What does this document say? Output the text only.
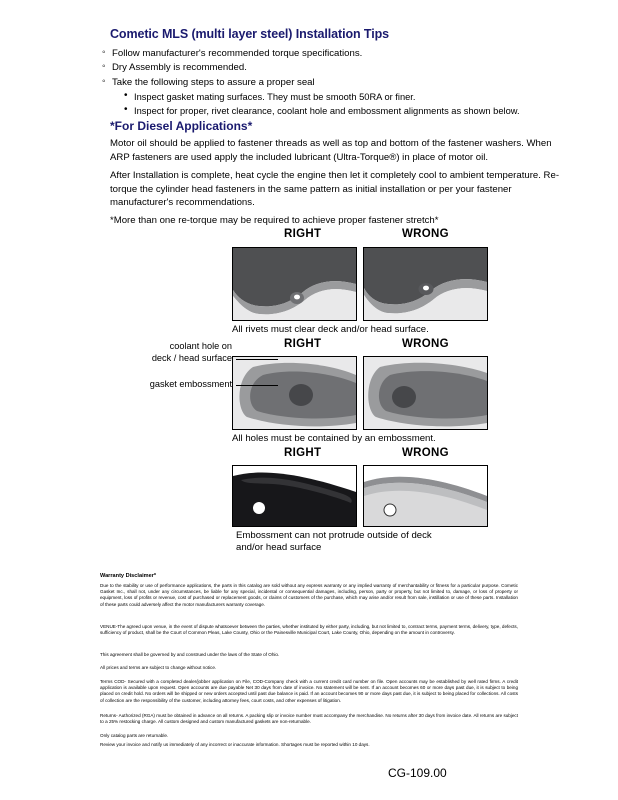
Cometic MLS (multi layer steel) Installation Tips
◦ Follow manufacturer's recommended torque specifications.
◦ Dry Assembly is recommended.
◦ Take the following steps to assure a proper seal
• Inspect gasket mating surfaces. They must be smooth 50RA or finer.
• Inspect for proper, rivet clearance, coolant hole and embossment alignments as shown below.
*For Diesel Applications*
Motor oil should be applied to fastener threads as well as top and bottom of the fastener washers. When ARP fasteners are used apply the included lubricant (Ultra-Torque®) in place of motor oil.
After Installation is complete, heat cycle the engine then let it completely cool to ambient temperature. Re-torque the cylinder head fasteners in the same pattern as initial installation or per your fastener manufacturer's recommendations.
*More than one re-torque may be required to achieve proper fastener stretch*
RIGHT	WRONG
All rivets must clear deck and/or head surface.
RIGHT	WRONG
coolant hole on
deck / head surface
gasket embossment
All holes must be contained by an embossment.
RIGHT	WRONG
Embossment can not protrude outside of deck
and/or head surface
Warranty Disclaimer*
Due to the stability or use of performance applications, the parts in this catalog are sold without any express warranty or any implied warranty of merchantability or fitness for a particular purpose. Cometic Gasket Inc., shall not, under any circumstances, be liable for any special, incidental or consequential damages, including, person, party or property, but not limited to, damage, or loss of property or equipment, loss of profits or revenue, cost of purchased or replacement goods, or claims of customers of the purchase, which may arise and/or result from sale, instillation or use of these parts. Installation of these parts could adversely affect the motor manufacturers warranty coverage.
VENUE-The agreed upon venue, in the event of dispute whatsoever between the parties, whether instituted by either party, including, but not limited to, contract terms, payment terms, delivery, type, defects, sufficiency of product, shall be the Court of Common Pleas, Lake County, Ohio or the Painesville Municipal Court, Lake County, Ohio, depending on the amount in controversy.
This agreement shall be governed by and construed under the laws of the State of Ohio.
All prices and terms are subject to change without notice.
Terms COD- Secured with a completed dealer/jobber application on File, COD-Company check with a current credit card number on file. Open accounts may be established by well rated firms. A credit application is available upon request. Open accounts are due payable Net 30 days from date of invoice. No statement will be sent. If an account becomes 60 or more days past due, it is subject to being placed on credit hold. No orders will be shipped or new orders accepted until past due balance is paid. If an account becomes 90 or more days past due, it is subject to being placed for collections. All costs of collection are the responsibility of the customer, including attorney fees, court costs, and other expenses of litigation.
Returns- Authorized (RGA) must be obtained in advance on all returns. A packing slip or invoice number must accompany the merchandise. No returns after 30 days from invoice date. All returns are subject to a 25% restocking charge. All custom designed and custom manufactured gaskets are non-returnable.
Only catalog parts are returnable.
Review your invoice and notify us immediately of any incorrect or inaccurate information. Shortages must be reported within 10 days.
CG-109.00
